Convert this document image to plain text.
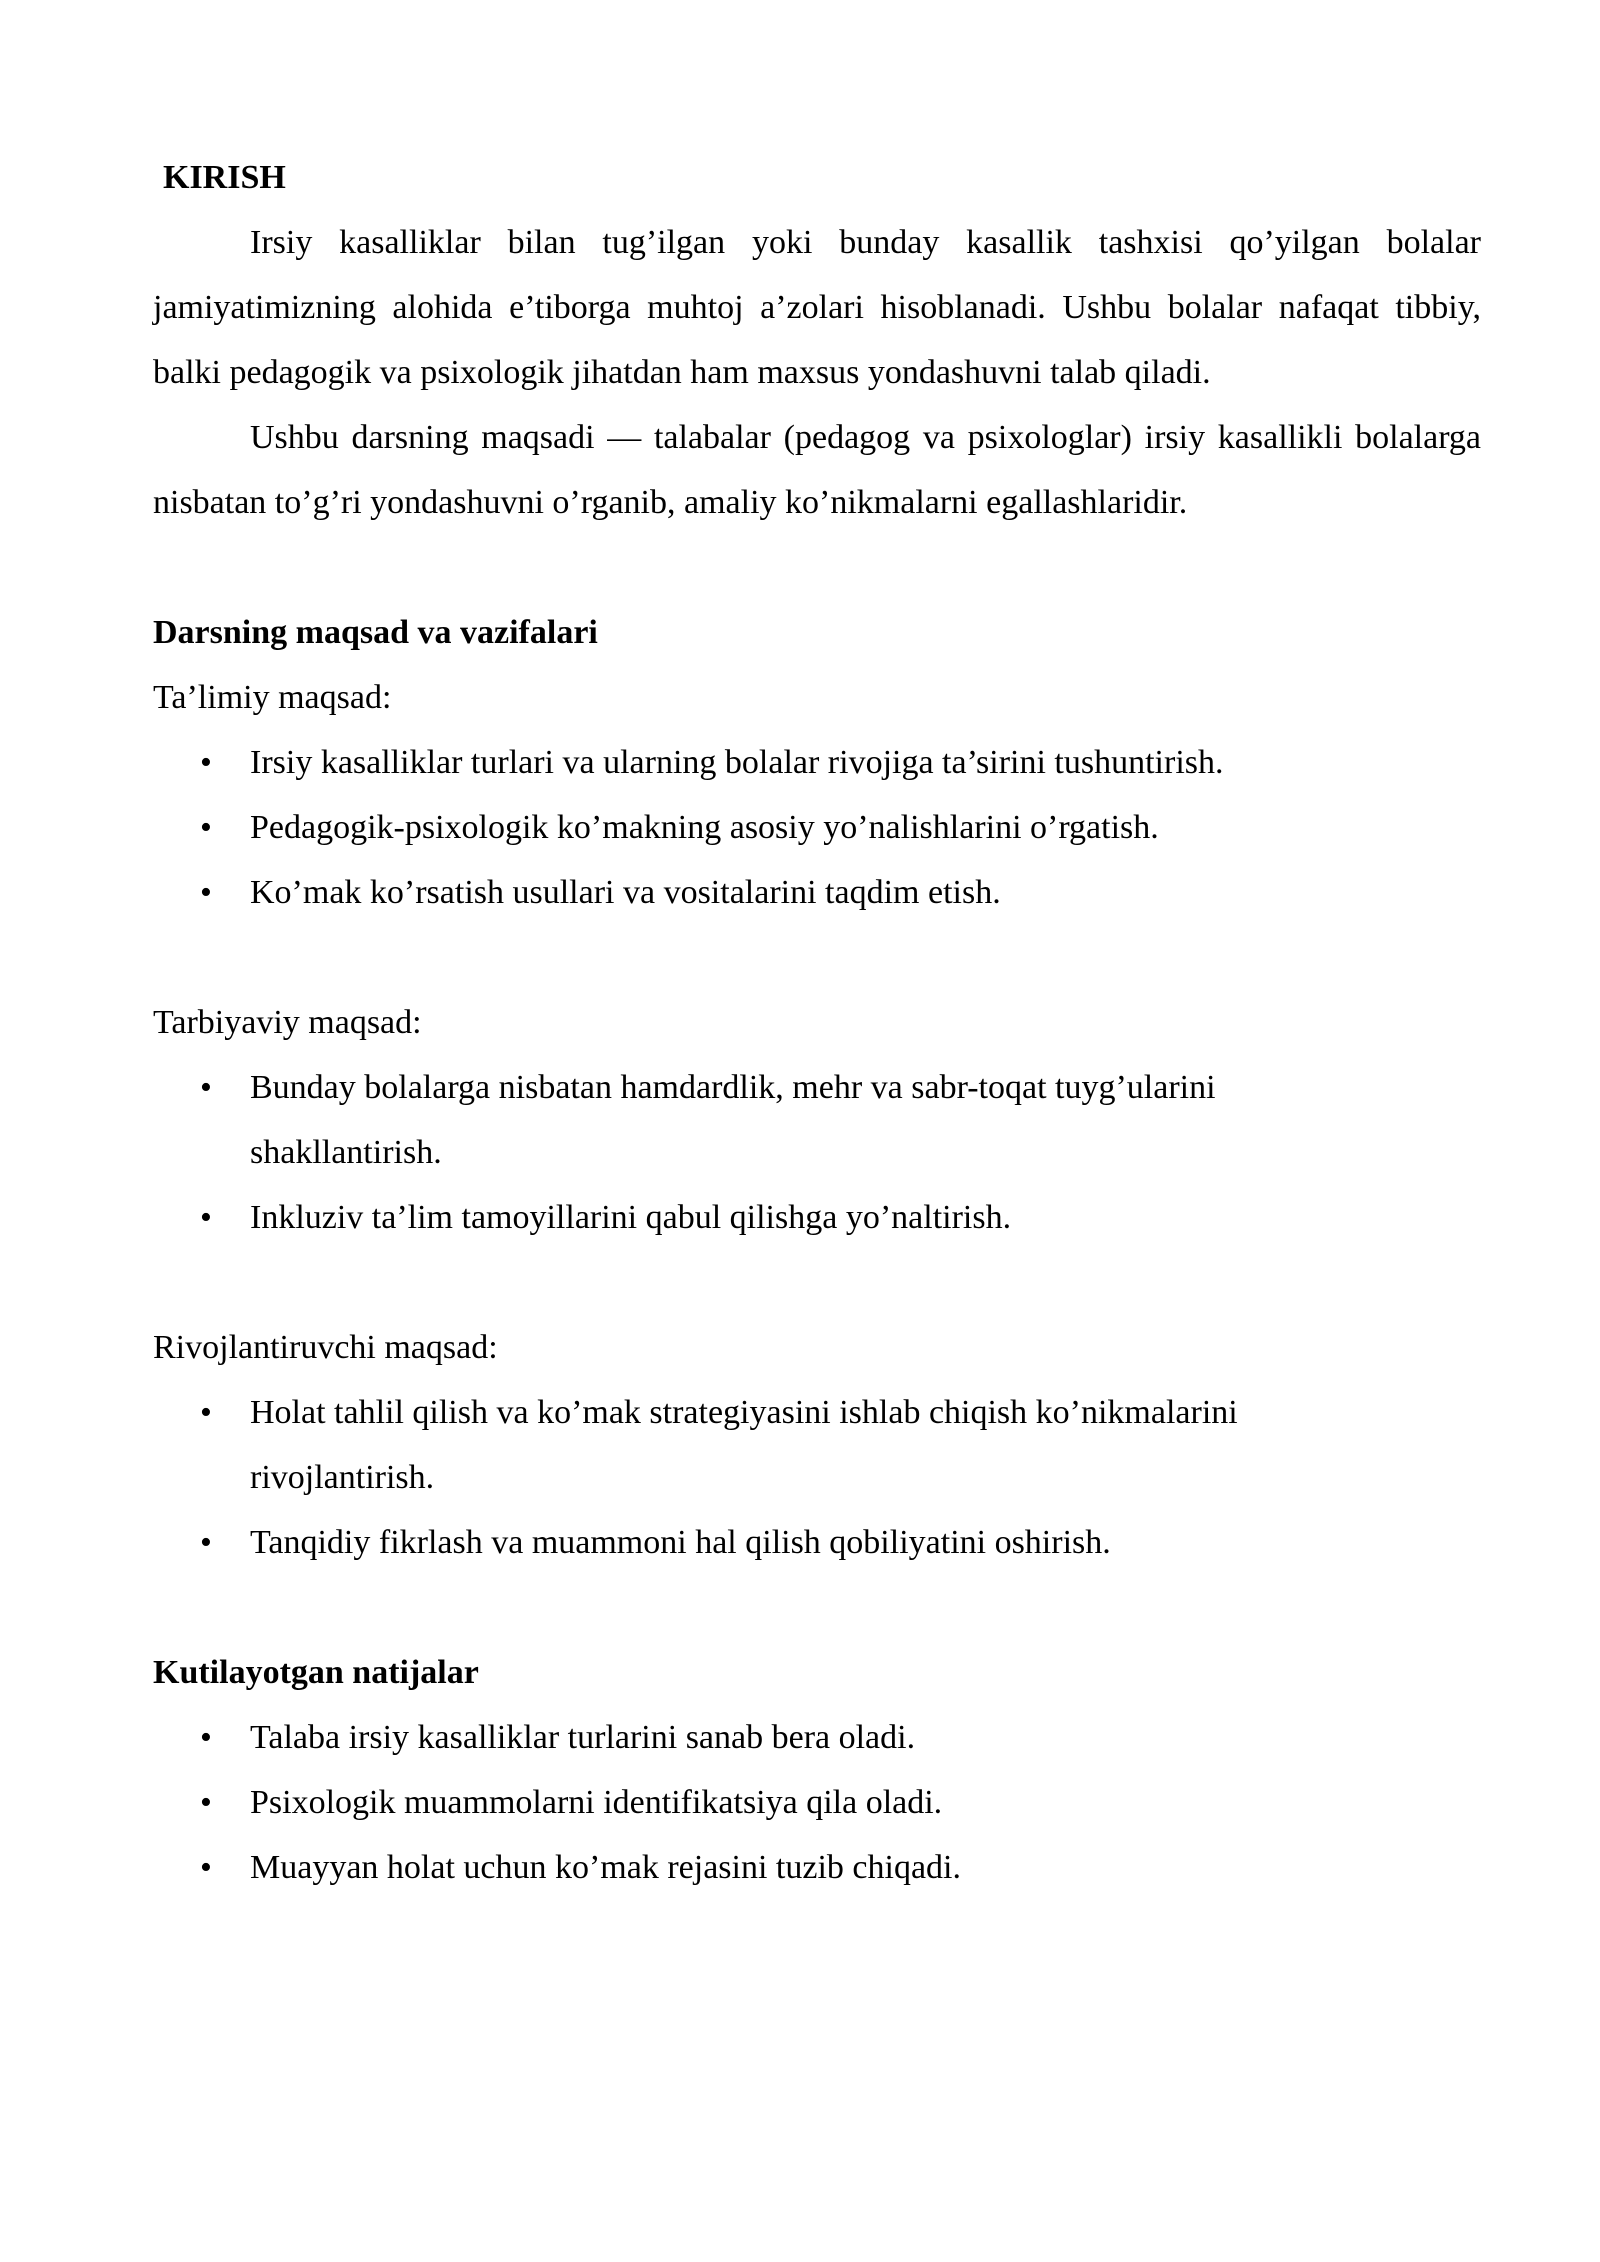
KIRISH

Irsiy kasalliklar bilan tug’ilgan yoki bunday kasallik tashxisi qo’yilgan bolalar jamiyatimizning alohida e’tiborga muhtoj a’zolari hisoblanadi. Ushbu bolalar nafaqat tibbiy, balki pedagogik va psixologik jihatdan ham maxsus yondashuvni talab qiladi.

Ushbu darsning maqsadi — talabalar (pedagog va psixologlar) irsiy kasallikli bolalarga nisbatan to’g’ri yondashuvni o’rganib, amaliy ko’nikmalarni egallashlaridir.

Darsning maqsad va vazifalari

Ta’limiy maqsad:

• Irsiy kasalliklar turlari va ularning bolalar rivojiga ta’sirini tushuntirish.
• Pedagogik-psixologik ko’makning asosiy yo’nalishlarini o’rgatish.
• Ko’mak ko’rsatish usullari va vositalarini taqdim etish.

Tarbiyaviy maqsad:

• Bunday bolalarga nisbatan hamdardlik, mehr va sabr-toqat tuyg’ularini shakllantirish.
• Inkluziv ta’lim tamoyillarini qabul qilishga yo’naltirish.

Rivojlantiruvchi maqsad:

• Holat tahlil qilish va ko’mak strategiyasini ishlab chiqish ko’nikmalarini rivojlantirish.
• Tanqidiy fikrlash va muammoni hal qilish qobiliyatini oshirish.

Kutilayotgan natijalar

• Talaba irsiy kasalliklar turlarini sanab bera oladi.
• Psixologik muammolarni identifikatsiya qila oladi.
• Muayyan holat uchun ko’mak rejasini tuzib chiqadi.
